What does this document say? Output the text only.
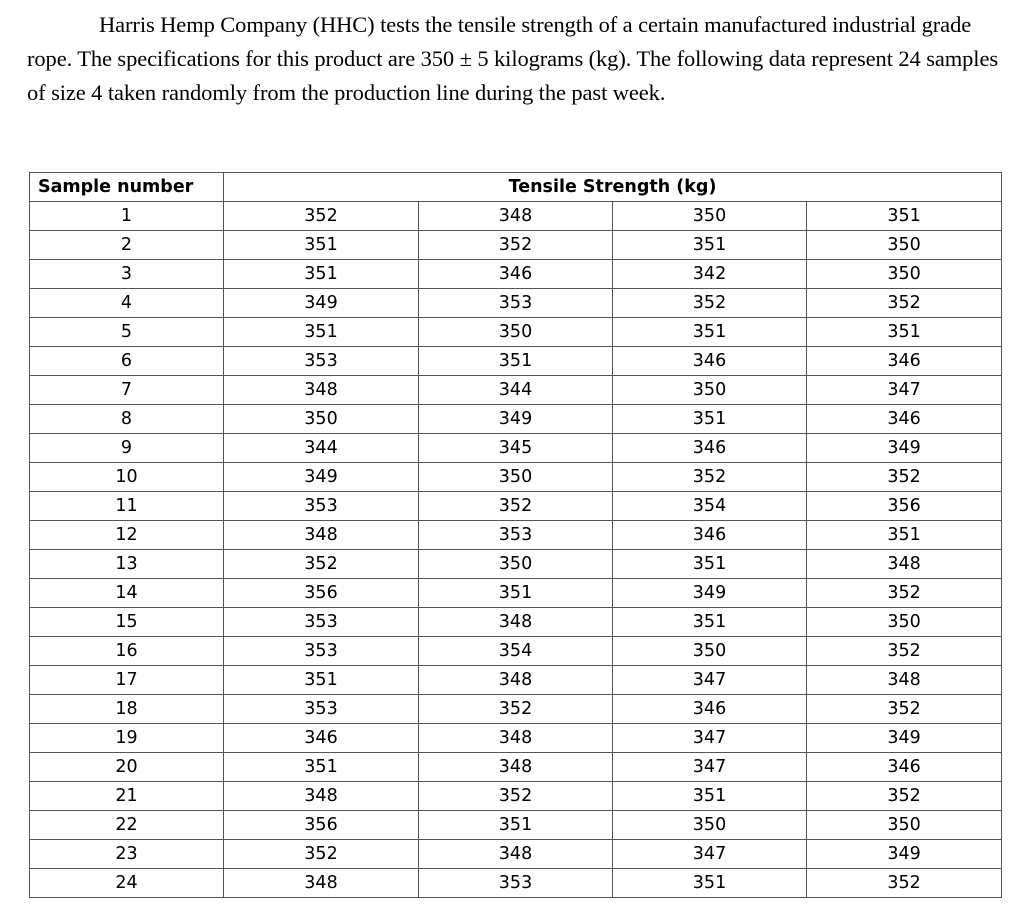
Harris Hemp Company (HHC) tests the tensile strength of a certain manufactured industrial grade rope. The specifications for this product are 350 ± 5 kilograms (kg). The following data represent 24 samples of size 4 taken randomly from the production line during the past week.

Sample number	Tensile Strength (kg)			
1	352	348	350	351
2	351	352	351	350
3	351	346	342	350
4	349	353	352	352
5	351	350	351	351
6	353	351	346	346
7	348	344	350	347
8	350	349	351	346
9	344	345	346	349
10	349	350	352	352
11	353	352	354	356
12	348	353	346	351
13	352	350	351	348
14	356	351	349	352
15	353	348	351	350
16	353	354	350	352
17	351	348	347	348
18	353	352	346	352
19	346	348	347	349
20	351	348	347	346
21	348	352	351	352
22	356	351	350	350
23	352	348	347	349
24	348	353	351	352
